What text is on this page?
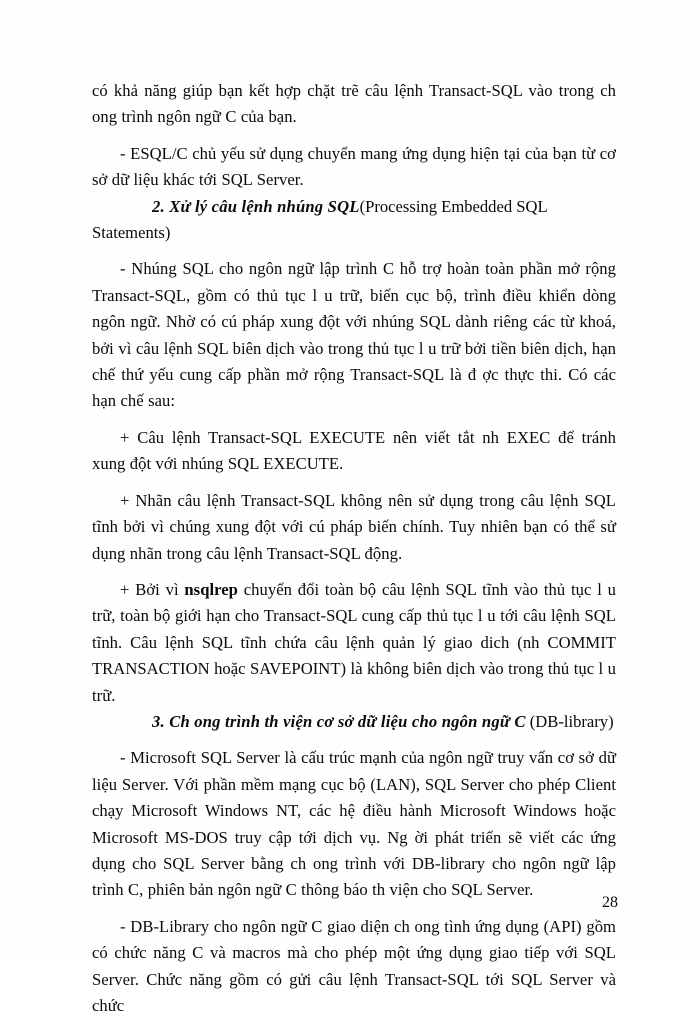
có khả năng giúp bạn kết hợp chặt trẽ câu lệnh Transact-SQL vào trong ch ong trình ngôn ngữ C của bạn.

- ESQL/C chủ yếu sử dụng chuyển mang ứng dụng hiện tại của bạn từ cơ sở dữ liệu khác tới SQL Server.

2. Xử lý câu lệnh nhúng SQL(Processing Embedded SQL Statements)

- Nhúng SQL cho ngôn ngữ lập trình C hỗ trợ hoàn toàn phần mở rộng Transact-SQL, gồm có thủ tục l u trữ, biến cục bộ, trình điều khiển dòng ngôn ngữ. Nhờ có cú pháp xung đột với nhúng SQL dành riêng các từ khoá, bởi vì câu lệnh SQL biên dịch vào trong thủ tục l u trữ bởi tiền biên dịch, hạn chế thứ yếu cung cấp phần mở rộng Transact-SQL là đ ợc thực thi. Có các hạn chế sau:

+ Câu lệnh Transact-SQL EXECUTE nên viết tắt nh EXEC để tránh xung đột với nhúng SQL EXECUTE.

+ Nhãn câu lệnh Transact-SQL không nên sử dụng trong câu lệnh SQL tĩnh bởi vì chúng xung đột với cú pháp biến chính. Tuy nhiên bạn có thể sử dụng nhãn trong câu lệnh Transact-SQL động.

+ Bởi vì nsqlrep chuyển đổi toàn bộ câu lệnh SQL tĩnh vào thủ tục l u trữ, toàn bộ giới hạn cho Transact-SQL cung cấp thủ tục l u tới câu lệnh SQL tĩnh. Câu lệnh SQL tĩnh chứa câu lệnh quản lý giao dich (nh COMMIT TRANSACTION hoặc SAVEPOINT) là không biên dịch vào trong thủ tục l u trữ.

3. Ch ong trình th viện cơ sở dữ liệu cho ngôn ngữ C (DB-library)

- Microsoft SQL Server là cấu trúc mạnh của ngôn ngữ truy vấn cơ sở dữ liệu Server. Với phần mềm mạng cục bộ (LAN), SQL Server cho phép Client chạy Microsoft Windows NT, các hệ điều hành Microsoft Windows hoặc Microsoft MS-DOS truy cập tới dịch vụ. Ng ời phát triển sẽ viết các ứng dụng cho SQL Server bằng ch ong trình với DB-library cho ngôn ngữ lập trình C, phiên bản ngôn ngữ C thông báo th viện cho SQL Server.

- DB-Library cho ngôn ngữ C giao diện ch ong tình ứng dụng (API) gồm có chức năng C và macros mà cho phép một ứng dụng giao tiếp với SQL Server. Chức năng gồm có gửi câu lệnh Transact-SQL tới SQL Server và chức

28
